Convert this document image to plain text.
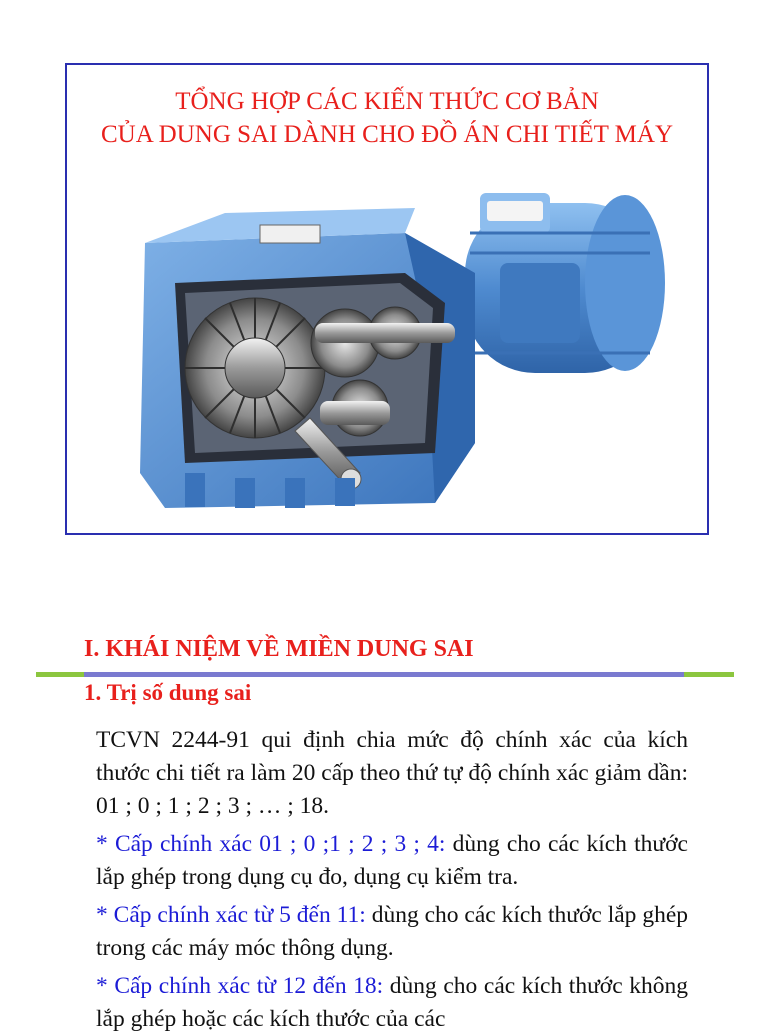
TỔNG HỢP CÁC KIẾN THỨC CƠ BẢN
CỦA DUNG SAI DÀNH CHO ĐỒ ÁN CHI TIẾT MÁY
I. KHÁI NIỆM VỀ MIỀN DUNG SAI
1. Trị số dung sai
TCVN 2244-91 qui định chia mức độ chính xác của kích thước chi tiết ra làm 20 cấp theo thứ tự độ chính xác giảm dần: 01 ; 0 ; 1 ; 2 ; 3 ; … ; 18.
* Cấp chính xác 01 ; 0 ;1 ; 2 ; 3 ; 4: dùng cho các kích thước lắp ghép trong dụng cụ đo, dụng cụ kiểm tra.
* Cấp chính xác từ 5 đến 11: dùng cho các kích thước lắp ghép trong các máy móc thông dụng.
* Cấp chính xác từ 12 đến 18: dùng cho các kích thước không lắp ghép hoặc các kích thước của các
